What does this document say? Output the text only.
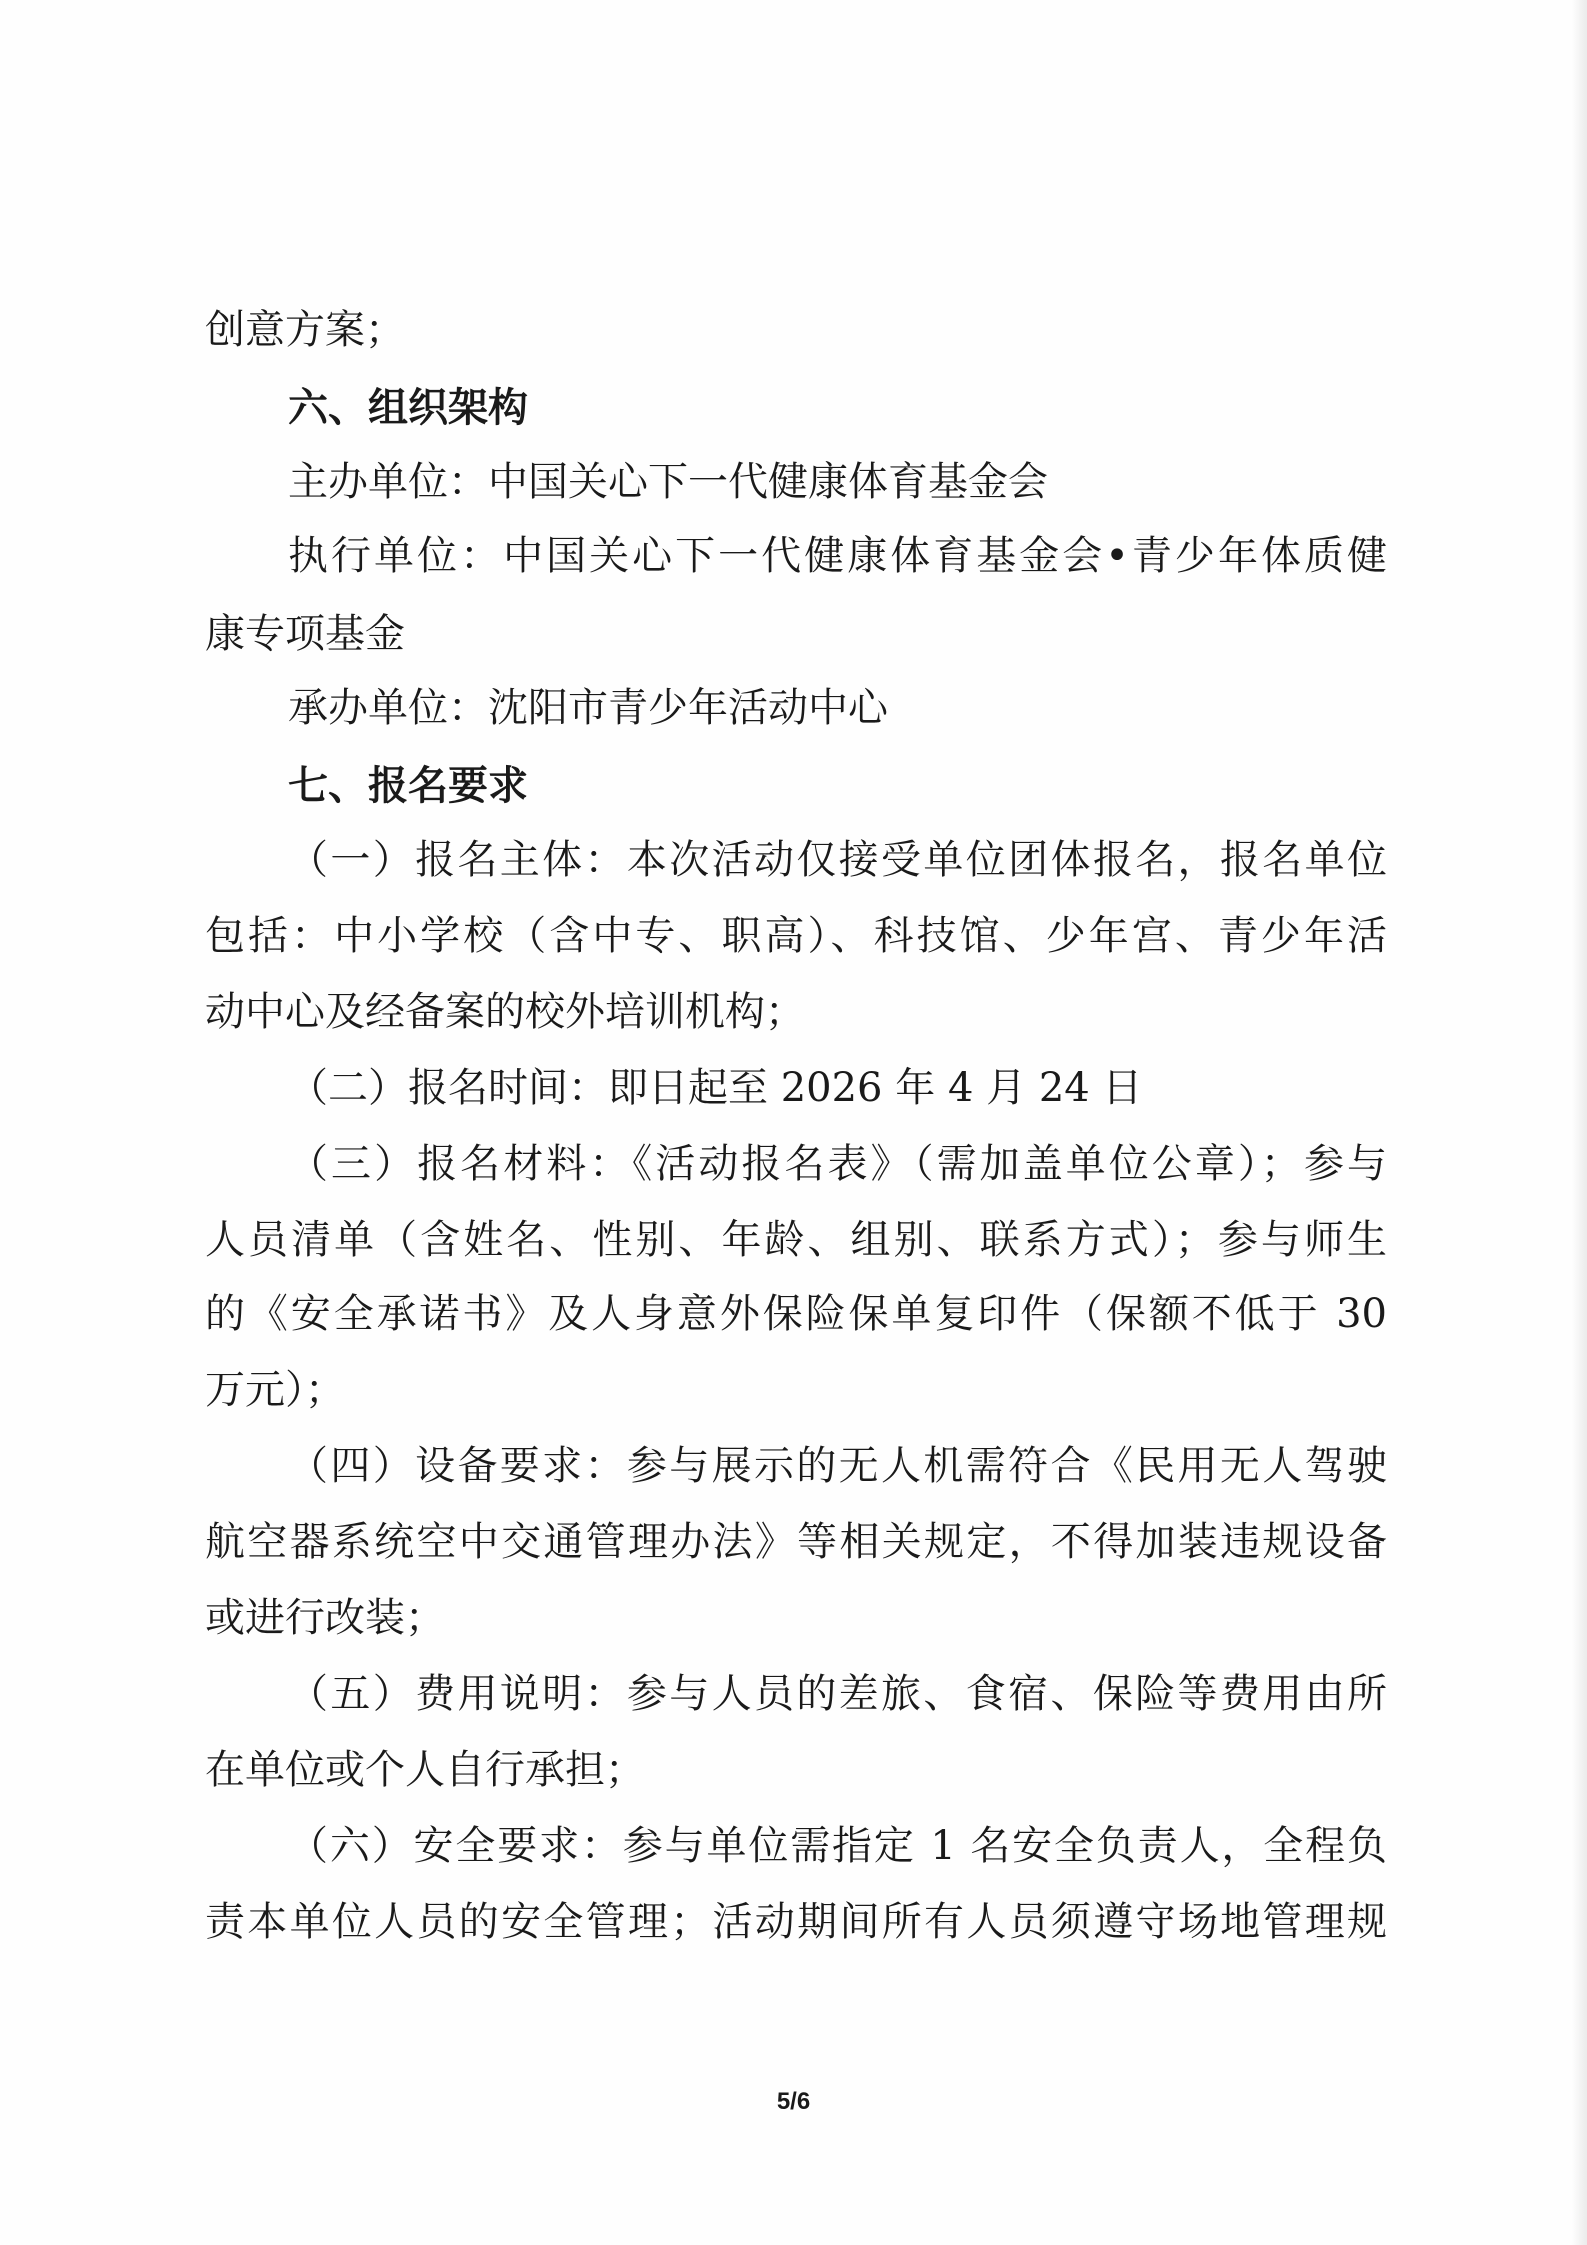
创意方案；

六、组织架构

主办单位：中国关心下一代健康体育基金会

执行单位：中国关心下一代健康体育基金会•青少年体质健

康专项基金

承办单位：沈阳市青少年活动中心

七、报名要求

（一）报名主体：本次活动仅接受单位团体报名，报名单位

包括：中小学校（含中专、职高）、科技馆、少年宫、青少年活

动中心及经备案的校外培训机构；

（二）报名时间：即日起至 2026 年 4 月 24 日

（三）报名材料：《活动报名表》（需加盖单位公章）；参与

人员清单（含姓名、性别、年龄、组别、联系方式）；参与师生

的《安全承诺书》及人身意外保险保单复印件（保额不低于 30

万元）；

（四）设备要求：参与展示的无人机需符合《民用无人驾驶

航空器系统空中交通管理办法》等相关规定，不得加装违规设备

或进行改装；

（五）费用说明：参与人员的差旅、食宿、保险等费用由所

在单位或个人自行承担；

（六）安全要求：参与单位需指定 1 名安全负责人，全程负

责本单位人员的安全管理；活动期间所有人员须遵守场地管理规

5/6
